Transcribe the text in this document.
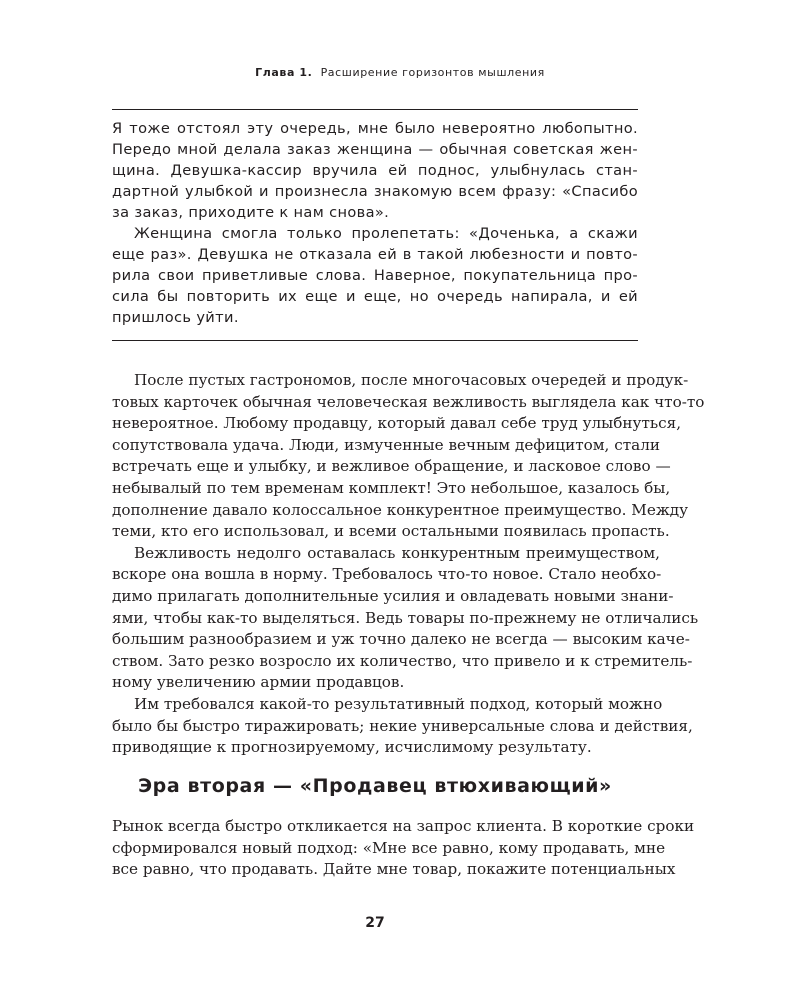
Глава 1. Расширение горизонтов мышления

Я тоже отстоял эту очередь, мне было невероятно любопытно.
Передо мной делала заказ женщина — обычная советская жен-
щина. Девушка-кассир вручила ей поднос, улыбнулась стан-
дартной улыбкой и произнесла знакомую всем фразу: «Спасибо
за заказ, приходите к нам снова».

Женщина смогла только пролепетать: «Доченька, а скажи
еще раз». Девушка не отказала ей в такой любезности и повто-
рила свои приветливые слова. Наверное, покупательница про-
сила бы повторить их еще и еще, но очередь напирала, и ей
пришлось уйти.

После пустых гастрономов, после многочасовых очередей и продук-
товых карточек обычная человеческая вежливость выглядела как что-то
невероятное. Любому продавцу, который давал себе труд улыбнуться,
сопутствовала удача. Люди, измученные вечным дефицитом, стали
встречать еще и улыбку, и вежливое обращение, и ласковое слово —
небывалый по тем временам комплект! Это небольшое, казалось бы,
дополнение давало колоссальное конкурентное преимущество. Между
теми, кто его использовал, и всеми остальными появилась пропасть.

Вежливость недолго оставалась конкурентным преимуществом,
вскоре она вошла в норму. Требовалось что-то новое. Стало необхо-
димо прилагать дополнительные усилия и овладевать новыми знани-
ями, чтобы как-то выделяться. Ведь товары по-прежнему не отличались
большим разнообразием и уж точно далеко не всегда — высоким каче-
ством. Зато резко возросло их количество, что привело и к стремитель-
ному увеличению армии продавцов.

Им требовался какой-то результативный подход, который можно
было бы быстро тиражировать; некие универсальные слова и действия,
приводящие к прогнозируемому, исчислимому результату.

Эра вторая — «Продавец втюхивающий»

Рынок всегда быстро откликается на запрос клиента. В короткие сроки
сформировался новый подход: «Мне все равно, кому продавать, мне
все равно, что продавать. Дайте мне товар, покажите потенциальных

27
